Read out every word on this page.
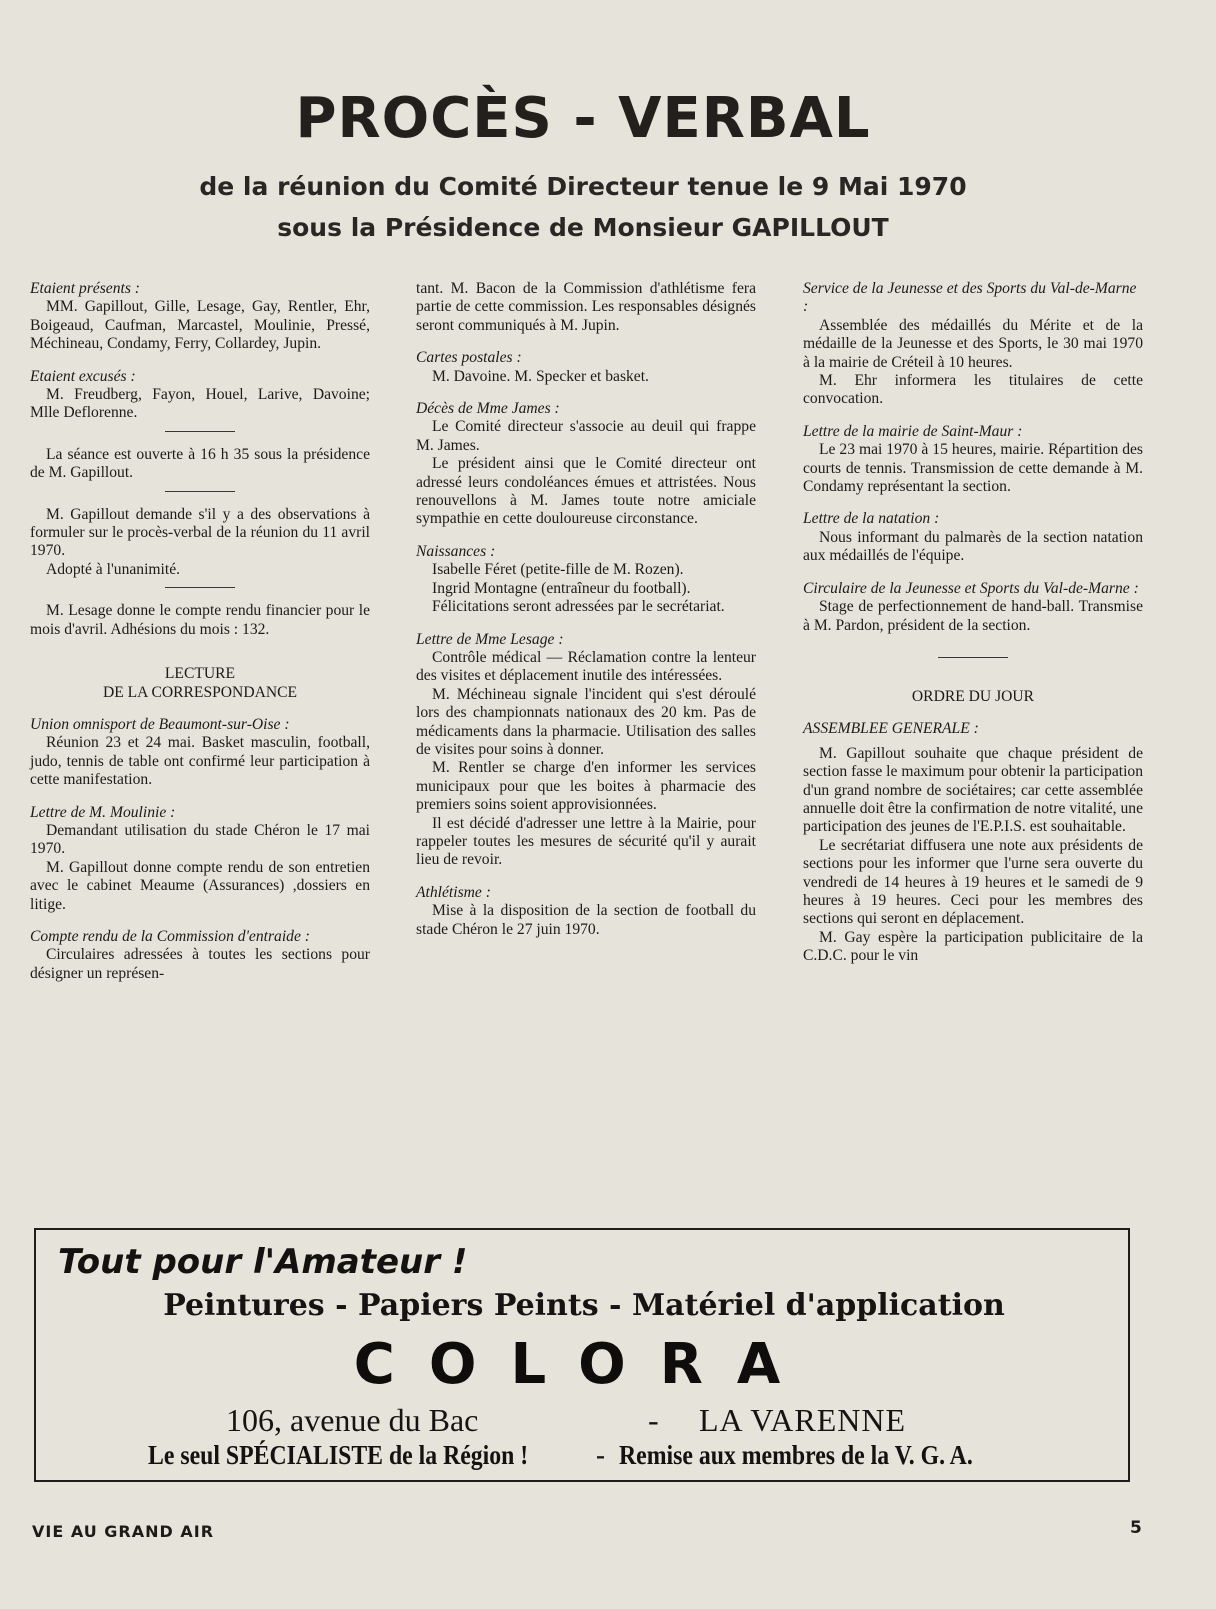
PROCÈS - VERBAL
de la réunion du Comité Directeur tenue le 9 Mai 1970
sous la Présidence de Monsieur GAPILLOUT
Etaient présents :

MM. Gapillout, Gille, Lesage, Gay, Rentler, Ehr, Boigeaud, Caufman, Marcastel, Moulinie, Pressé, Méchineau, Condamy, Ferry, Collardey, Jupin.

Etaient excusés :

M. Freudberg, Fayon, Houel, Larive, Davoine; Mlle Deflorenne.

La séance est ouverte à 16 h 35 sous la présidence de M. Gapillout.

M. Gapillout demande s'il y a des observations à formuler sur le procès-verbal de la réunion du 11 avril 1970.

Adopté à l'unanimité.

M. Lesage donne le compte rendu financier pour le mois d'avril. Adhésions du mois : 132.

LECTURE

DE LA CORRESPONDANCE

Union omnisport de Beaumont-sur-Oise :

Réunion 23 et 24 mai. Basket masculin, football, judo, tennis de table ont confirmé leur participation à cette manifestation.

Lettre de M. Moulinie :

Demandant utilisation du stade Chéron le 17 mai 1970.

M. Gapillout donne compte rendu de son entretien avec le cabinet Meaume (Assurances) ,dossiers en litige.

Compte rendu de la Commission d'entraide :

Circulaires adressées à toutes les sections pour désigner un représen-

tant. M. Bacon de la Commission d'athlétisme fera partie de cette commission. Les responsables désignés seront communiqués à M. Jupin.

Cartes postales :

M. Davoine. M. Specker et basket.

Décès de Mme James :

Le Comité directeur s'associe au deuil qui frappe M. James.

Le président ainsi que le Comité directeur ont adressé leurs condoléances émues et attristées. Nous renouvellons à M. James toute notre amiciale sympathie en cette douloureuse circonstance.

Naissances :

Isabelle Féret (petite-fille de M. Rozen).

Ingrid Montagne (entraîneur du football).

Félicitations seront adressées par le secrétariat.

Lettre de Mme Lesage :

Contrôle médical — Réclamation contre la lenteur des visites et déplacement inutile des intéressées.

M. Méchineau signale l'incident qui s'est déroulé lors des championnats nationaux des 20 km. Pas de médicaments dans la pharmacie. Utilisation des salles de visites pour soins à donner.

M. Rentler se charge d'en informer les services municipaux pour que les boites à pharmacie des premiers soins soient approvisionnées.

Il est décidé d'adresser une lettre à la Mairie, pour rappeler toutes les mesures de sécurité qu'il y aurait lieu de revoir.

Athlétisme :

Mise à la disposition de la section de football du stade Chéron le 27 juin 1970.

Service de la Jeunesse et des Sports du Val-de-Marne :

Assemblée des médaillés du Mérite et de la médaille de la Jeunesse et des Sports, le 30 mai 1970 à la mairie de Créteil à 10 heures.

M. Ehr informera les titulaires de cette convocation.

Lettre de la mairie de Saint-Maur :

Le 23 mai 1970 à 15 heures, mairie. Répartition des courts de tennis. Transmission de cette demande à M. Condamy représentant la section.

Lettre de la natation :

Nous informant du palmarès de la section natation aux médaillés de l'équipe.

Circulaire de la Jeunesse et Sports du Val-de-Marne :

Stage de perfectionnement de hand-ball. Transmise à M. Pardon, président de la section.

ORDRE DU JOUR

ASSEMBLEE GENERALE :

M. Gapillout souhaite que chaque président de section fasse le maximum pour obtenir la participation d'un grand nombre de sociétaires; car cette assemblée annuelle doit être la confirmation de notre vitalité, une participation des jeunes de l'E.P.I.S. est souhaitable.

Le secrétariat diffusera une note aux présidents de sections pour les informer que l'urne sera ouverte du vendredi de 14 heures à 19 heures et le samedi de 9 heures à 19 heures. Ceci pour les membres des sections qui seront en déplacement.

M. Gay espère la participation publicitaire de la C.D.C. pour le vin

Tout pour l'Amateur !
Peintures - Papiers Peints - Matériel d'application
COLORA
106, avenue du Bac	- LA VARENNE
Le seul SPÉCIALISTE de la Région !	- Remise aux membres de la V. G. A.
VIE AU GRAND AIR	5
